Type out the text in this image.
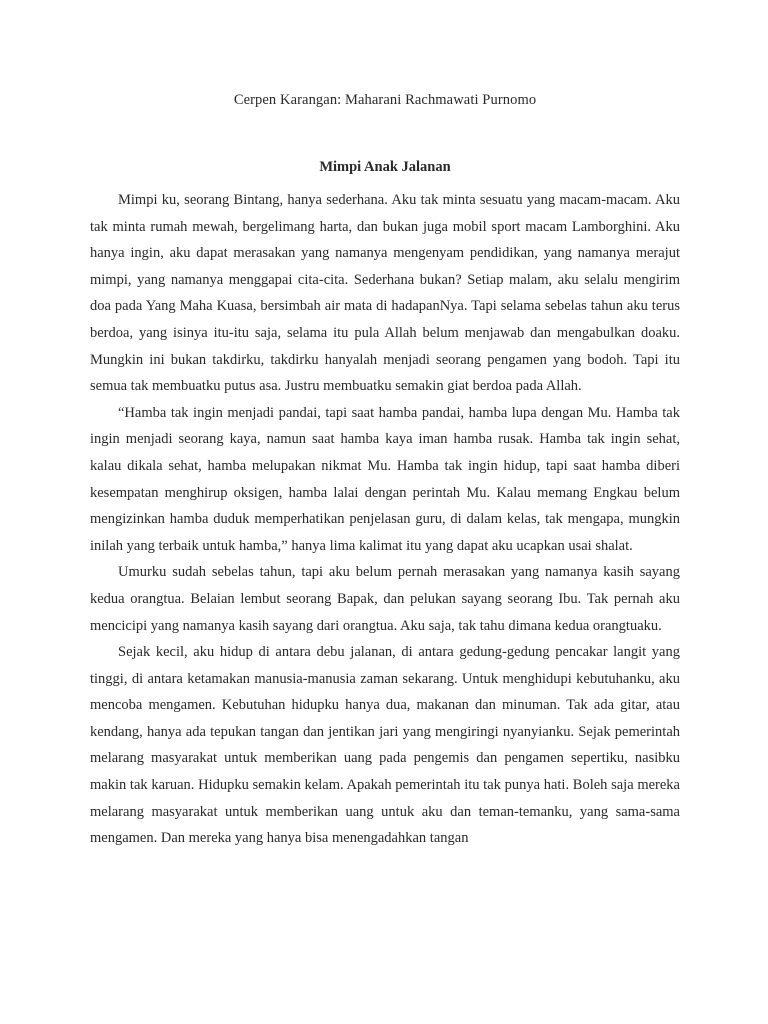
Cerpen Karangan: Maharani Rachmawati Purnomo
Mimpi Anak Jalanan

Mimpi ku, seorang Bintang, hanya sederhana. Aku tak minta sesuatu yang macam-macam. Aku tak minta rumah mewah, bergelimang harta, dan bukan juga mobil sport macam Lamborghini. Aku hanya ingin, aku dapat merasakan yang namanya mengenyam pendidikan, yang namanya merajut mimpi, yang namanya menggapai cita-cita. Sederhana bukan? Setiap malam, aku selalu mengirim doa pada Yang Maha Kuasa, bersimbah air mata di hadapanNya. Tapi selama sebelas tahun aku terus berdoa, yang isinya itu-itu saja, selama itu pula Allah belum menjawab dan mengabulkan doaku. Mungkin ini bukan takdirku, takdirku hanyalah menjadi seorang pengamen yang bodoh. Tapi itu semua tak membuatku putus asa. Justru membuatku semakin giat berdoa pada Allah.

“Hamba tak ingin menjadi pandai, tapi saat hamba pandai, hamba lupa dengan Mu. Hamba tak ingin menjadi seorang kaya, namun saat hamba kaya iman hamba rusak. Hamba tak ingin sehat, kalau dikala sehat, hamba melupakan nikmat Mu. Hamba tak ingin hidup, tapi saat hamba diberi kesempatan menghirup oksigen, hamba lalai dengan perintah Mu. Kalau memang Engkau belum mengizinkan hamba duduk memperhatikan penjelasan guru, di dalam kelas, tak mengapa, mungkin inilah yang terbaik untuk hamba,” hanya lima kalimat itu yang dapat aku ucapkan usai shalat.

Umurku sudah sebelas tahun, tapi aku belum pernah merasakan yang namanya kasih sayang kedua orangtua. Belaian lembut seorang Bapak, dan pelukan sayang seorang Ibu. Tak pernah aku mencicipi yang namanya kasih sayang dari orangtua. Aku saja, tak tahu dimana kedua orangtuaku.

Sejak kecil, aku hidup di antara debu jalanan, di antara gedung-gedung pencakar langit yang tinggi, di antara ketamakan manusia-manusia zaman sekarang. Untuk menghidupi kebutuhanku, aku mencoba mengamen. Kebutuhan hidupku hanya dua, makanan dan minuman. Tak ada gitar, atau kendang, hanya ada tepukan tangan dan jentikan jari yang mengiringi nyanyianku. Sejak pemerintah melarang masyarakat untuk memberikan uang pada pengemis dan pengamen sepertiku, nasibku makin tak karuan. Hidupku semakin kelam. Apakah pemerintah itu tak punya hati. Boleh saja mereka melarang masyarakat untuk memberikan uang untuk aku dan teman-temanku, yang sama-sama mengamen. Dan mereka yang hanya bisa menengadahkan tangan
